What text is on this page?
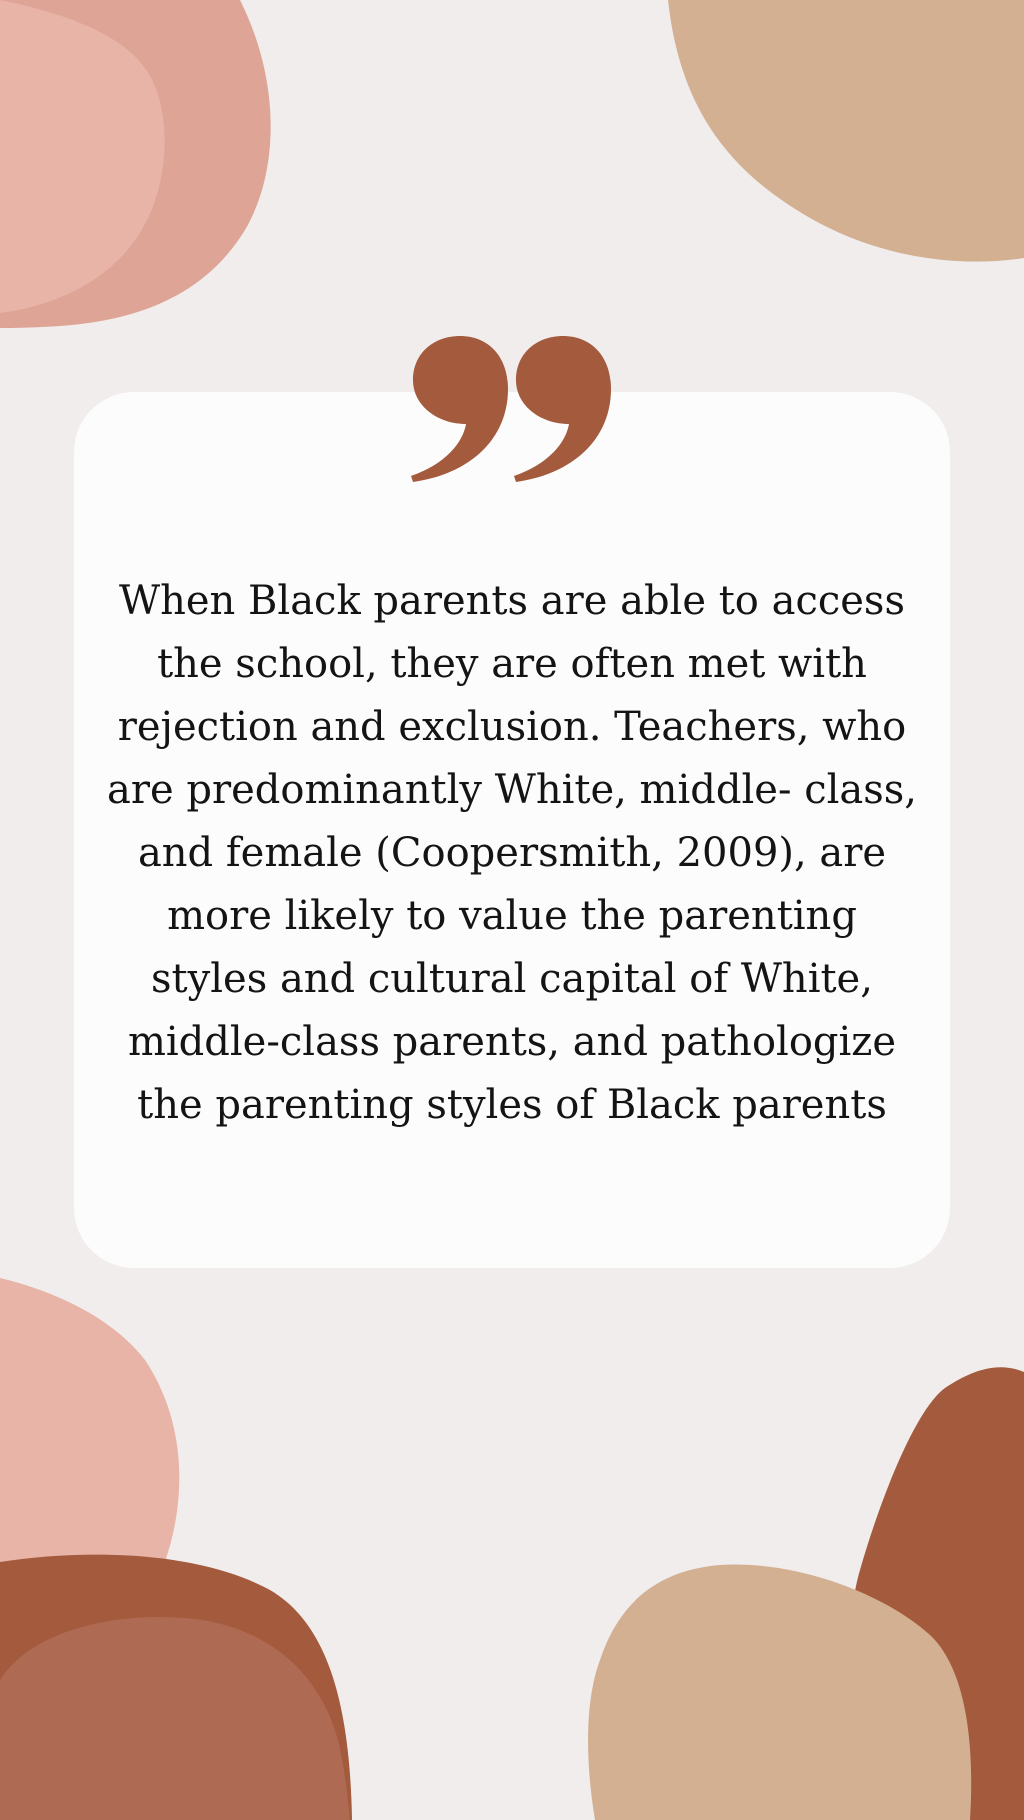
When Black parents are able to access the school, they are often met with rejection and exclusion. Teachers, who are predominantly White, middle- class, and female (Coopersmith, 2009), are more likely to value the parenting styles and cultural capital of White, middle-class parents, and pathologize the parenting styles of Black parents
